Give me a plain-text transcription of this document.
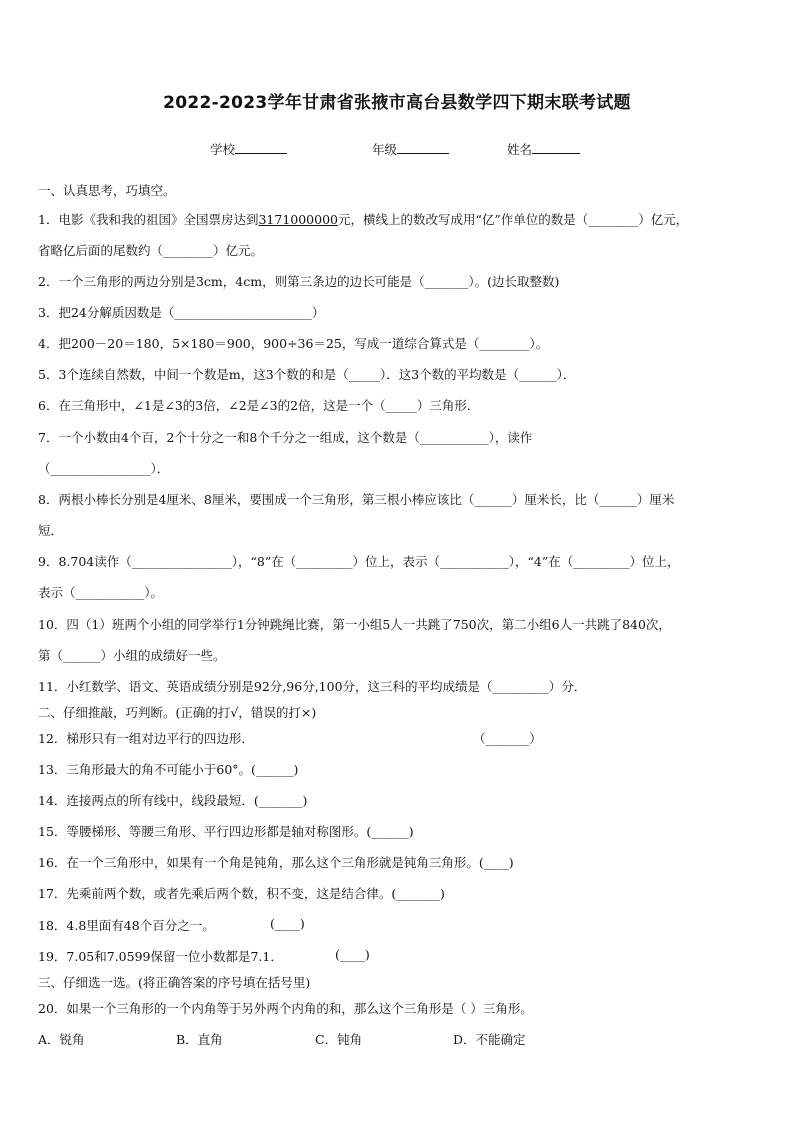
2022-2023学年甘肃省张掖市高台县数学四下期末联考试题
学校	年级	姓名
一、认真思考，巧填空。
1．电影《我和我的祖国》全国票房达到3171000000元，横线上的数改写成用“亿”作单位的数是（________）亿元，
省略亿后面的尾数约（________）亿元。
2．一个三角形的两边分别是3cm，4cm，则第三条边的边长可能是（_______）。(边长取整数)
3．把24分解质因数是（______________________）
4．把200－20＝180，5×180＝900，900÷36＝25，写成一道综合算式是（________）。
5．3个连续自然数，中间一个数是m，这3个数的和是（_____）．这3个数的平均数是（______）．
6．在三角形中，∠1是∠3的3倍，∠2是∠3的2倍，这是一个（_____）三角形．
7．一个小数由4个百，2个十分之一和8个千分之一组成，这个数是（___________），读作
（________________）．
8．两根小棒长分别是4厘米、8厘米，要围成一个三角形，第三根小棒应该比（______）厘米长，比（______）厘米
短．
9．8.704读作（________________），“8”在（_________）位上，表示（___________），“4”在（_________）位上，
表示（___________）。
10．四（1）班两个小组的同学举行1分钟跳绳比赛，第一小组5人一共跳了750次，第二小组6人一共跳了840次，
第（______）小组的成绩好一些。
11．小红数学、语文、英语成绩分别是92分,96分,100分，这三科的平均成绩是（_________）分．
二、仔细推敲，巧判断。(正确的打√，错误的打×)
12．梯形只有一组对边平行的四边形．	（_______）
13．三角形最大的角不可能小于60°。(______)
14．连接两点的所有线中，线段最短．(_______)
15．等腰梯形、等腰三角形、平行四边形都是轴对称图形。(______)
16．在一个三角形中，如果有一个角是钝角，那么这个三角形就是钝角三角形。(____)
17．先乘前两个数，或者先乘后两个数，积不变，这是结合律。(_______)
18．4.8里面有48个百分之一。	(____)
19．7.05和7.0599保留一位小数都是7.1．	(____)
三、仔细选一选。(将正确答案的序号填在括号里)
20．如果一个三角形的一个内角等于另外两个内角的和，那么这个三角形是（ ）三角形。
A．锐角	B．直角	C．钝角	D．不能确定
